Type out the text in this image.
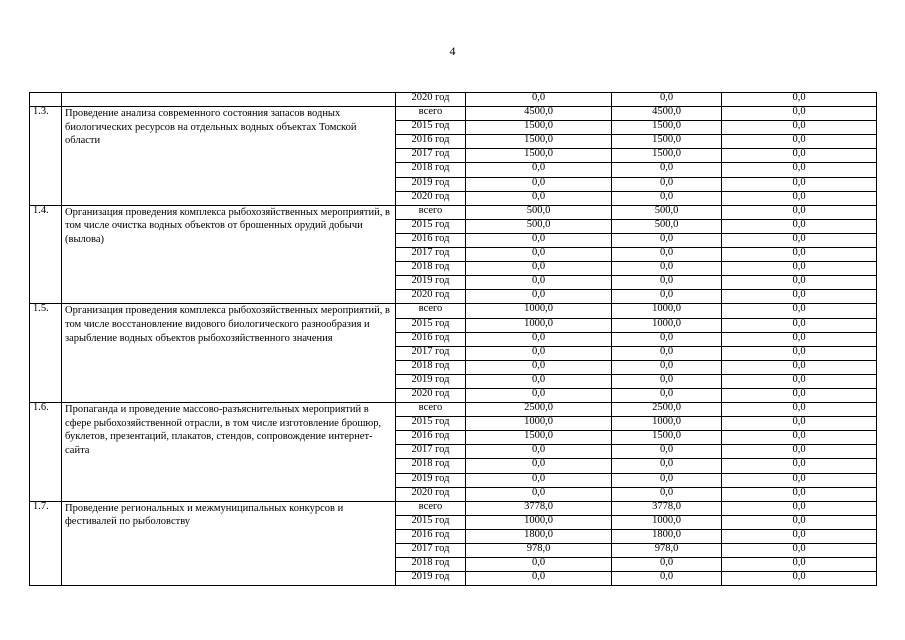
4
		2020 год	0,0	0,0	0,0
1.3.	Проведение анализа современного состояния запасов водных биологических ресурсов на отдельных водных объектах Томской области	всего	4500,0	4500,0	0,0
		2015 год	1500,0	1500,0	0,0
		2016 год	1500,0	1500,0	0,0
		2017 год	1500,0	1500,0	0,0
		2018 год	0,0	0,0	0,0
		2019 год	0,0	0,0	0,0
		2020 год	0,0	0,0	0,0
1.4.	Организация проведения комплекса рыбохозяйственных мероприятий, в том числе очистка водных объектов от брошенных орудий добычи (вылова)	всего	500,0	500,0	0,0
		2015 год	500,0	500,0	0,0
		2016 год	0,0	0,0	0,0
		2017 год	0,0	0,0	0,0
		2018 год	0,0	0,0	0,0
		2019 год	0,0	0,0	0,0
		2020 год	0,0	0,0	0,0
1.5.	Организация проведения комплекса рыбохозяйственных мероприятий, в том числе восстановление видового биологического разнообразия и зарыбление водных объектов рыбохозяйственного значения	всего	1000,0	1000,0	0,0
		2015 год	1000,0	1000,0	0,0
		2016 год	0,0	0,0	0,0
		2017 год	0,0	0,0	0,0
		2018 год	0,0	0,0	0,0
		2019 год	0,0	0,0	0,0
		2020 год	0,0	0,0	0,0
1.6.	Пропаганда и проведение массово-разъяснительных мероприятий в сфере рыбохозяйственной отрасли, в том числе изготовление брошюр, буклетов, презентаций, плакатов, стендов, сопровождение интернет-сайта	всего	2500,0	2500,0	0,0
		2015 год	1000,0	1000,0	0,0
		2016 год	1500,0	1500,0	0,0
		2017 год	0,0	0,0	0,0
		2018 год	0,0	0,0	0,0
		2019 год	0,0	0,0	0,0
		2020 год	0,0	0,0	0,0
1.7.	Проведение региональных и межмуниципальных конкурсов и фестивалей по рыболовству	всего	3778,0	3778,0	0,0
		2015 год	1000,0	1000,0	0,0
		2016 год	1800,0	1800,0	0,0
		2017 год	978,0	978,0	0,0
		2018 год	0,0	0,0	0,0
		2019 год	0,0	0,0	0,0
